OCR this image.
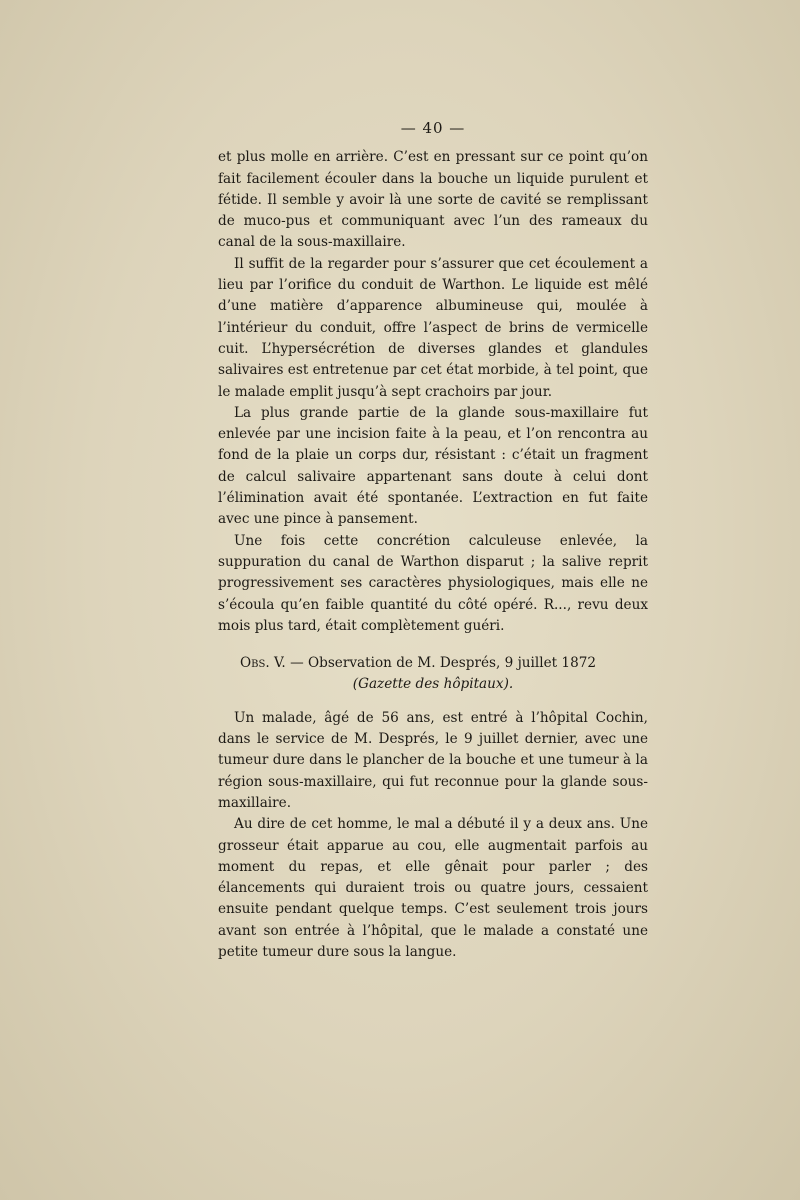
— 40 —

et plus molle en arrière. C’est en pressant sur ce point qu’on fait facilement écouler dans la bouche un liquide purulent et fétide. Il semble y avoir là une sorte de cavité se remplissant de muco-pus et communiquant avec l’un des rameaux du canal de la sous-maxillaire.

Il suffit de la regarder pour s’assurer que cet écoulement a lieu par l’orifice du conduit de Warthon. Le liquide est mêlé d’une matière d’apparence albumineuse qui, moulée à l’intérieur du conduit, offre l’aspect de brins de vermicelle cuit. L’hypersécrétion de diverses glandes et glandules salivaires est entretenue par cet état morbide, à tel point, que le malade emplit jusqu’à sept crachoirs par jour.

La plus grande partie de la glande sous-maxillaire fut enlevée par une incision faite à la peau, et l’on rencontra au fond de la plaie un corps dur, résistant : c’était un fragment de calcul salivaire appartenant sans doute à celui dont l’élimination avait été spontanée. L’extraction en fut faite avec une pince à pansement.

Une fois cette concrétion calculeuse enlevée, la suppuration du canal de Warthon disparut ; la salive reprit progressivement ses caractères physiologiques, mais elle ne s’écoula qu’en faible quantité du côté opéré. R..., revu deux mois plus tard, était complètement guéri.

Obs. V. — Observation de M. Després, 9 juillet 1872
(Gazette des hôpitaux).

Un malade, âgé de 56 ans, est entré à l’hôpital Cochin, dans le service de M. Després, le 9 juillet dernier, avec une tumeur dure dans le plancher de la bouche et une tumeur à la région sous-maxillaire, qui fut reconnue pour la glande sous-maxillaire.

Au dire de cet homme, le mal a débuté il y a deux ans. Une grosseur était apparue au cou, elle augmentait parfois au moment du repas, et elle gênait pour parler ; des élancements qui duraient trois ou quatre jours, cessaient ensuite pendant quelque temps. C’est seulement trois jours avant son entrée à l’hôpital, que le malade a constaté une petite tumeur dure sous la langue.
